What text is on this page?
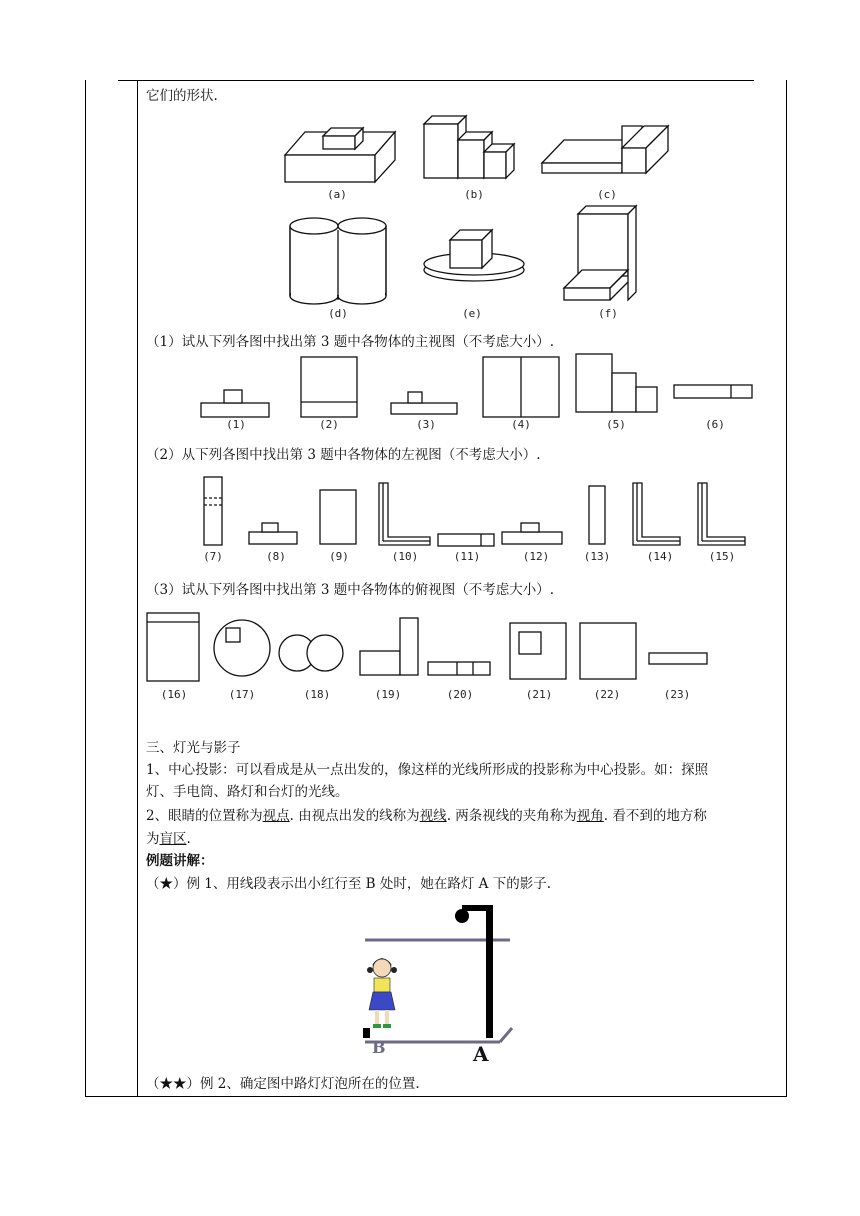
它们的形状.
(a)	(b)	(c)
(d)	(e)	(f)
（1）试从下列各图中找出第 3 题中各物体的主视图（不考虑大小）.
(1)	(2)	(3)	(4)	(5)	(6)
（2）从下列各图中找出第 3 题中各物体的左视图（不考虑大小）.
(7)	(8)	(9)	(10)	(11)	(12)	(13)	(14)	(15)
（3）试从下列各图中找出第 3 题中各物体的俯视图（不考虑大小）.
(16)	(17)	(18)	(19)	(20)	(21)	(22)	(23)
三、灯光与影子
1、中心投影：可以看成是从一点出发的，像这样的光线所形成的投影称为中心投影。如：探照
灯、手电筒、路灯和台灯的光线。
2、眼睛的位置称为视点. 由视点出发的线称为视线. 两条视线的夹角称为视角. 看不到的地方称
为盲区.
例题讲解：
（★）例 1、用线段表示出小红行至 B 处时，她在路灯 A 下的影子.
B	A
（★★）例 2、确定图中路灯灯泡所在的位置.
